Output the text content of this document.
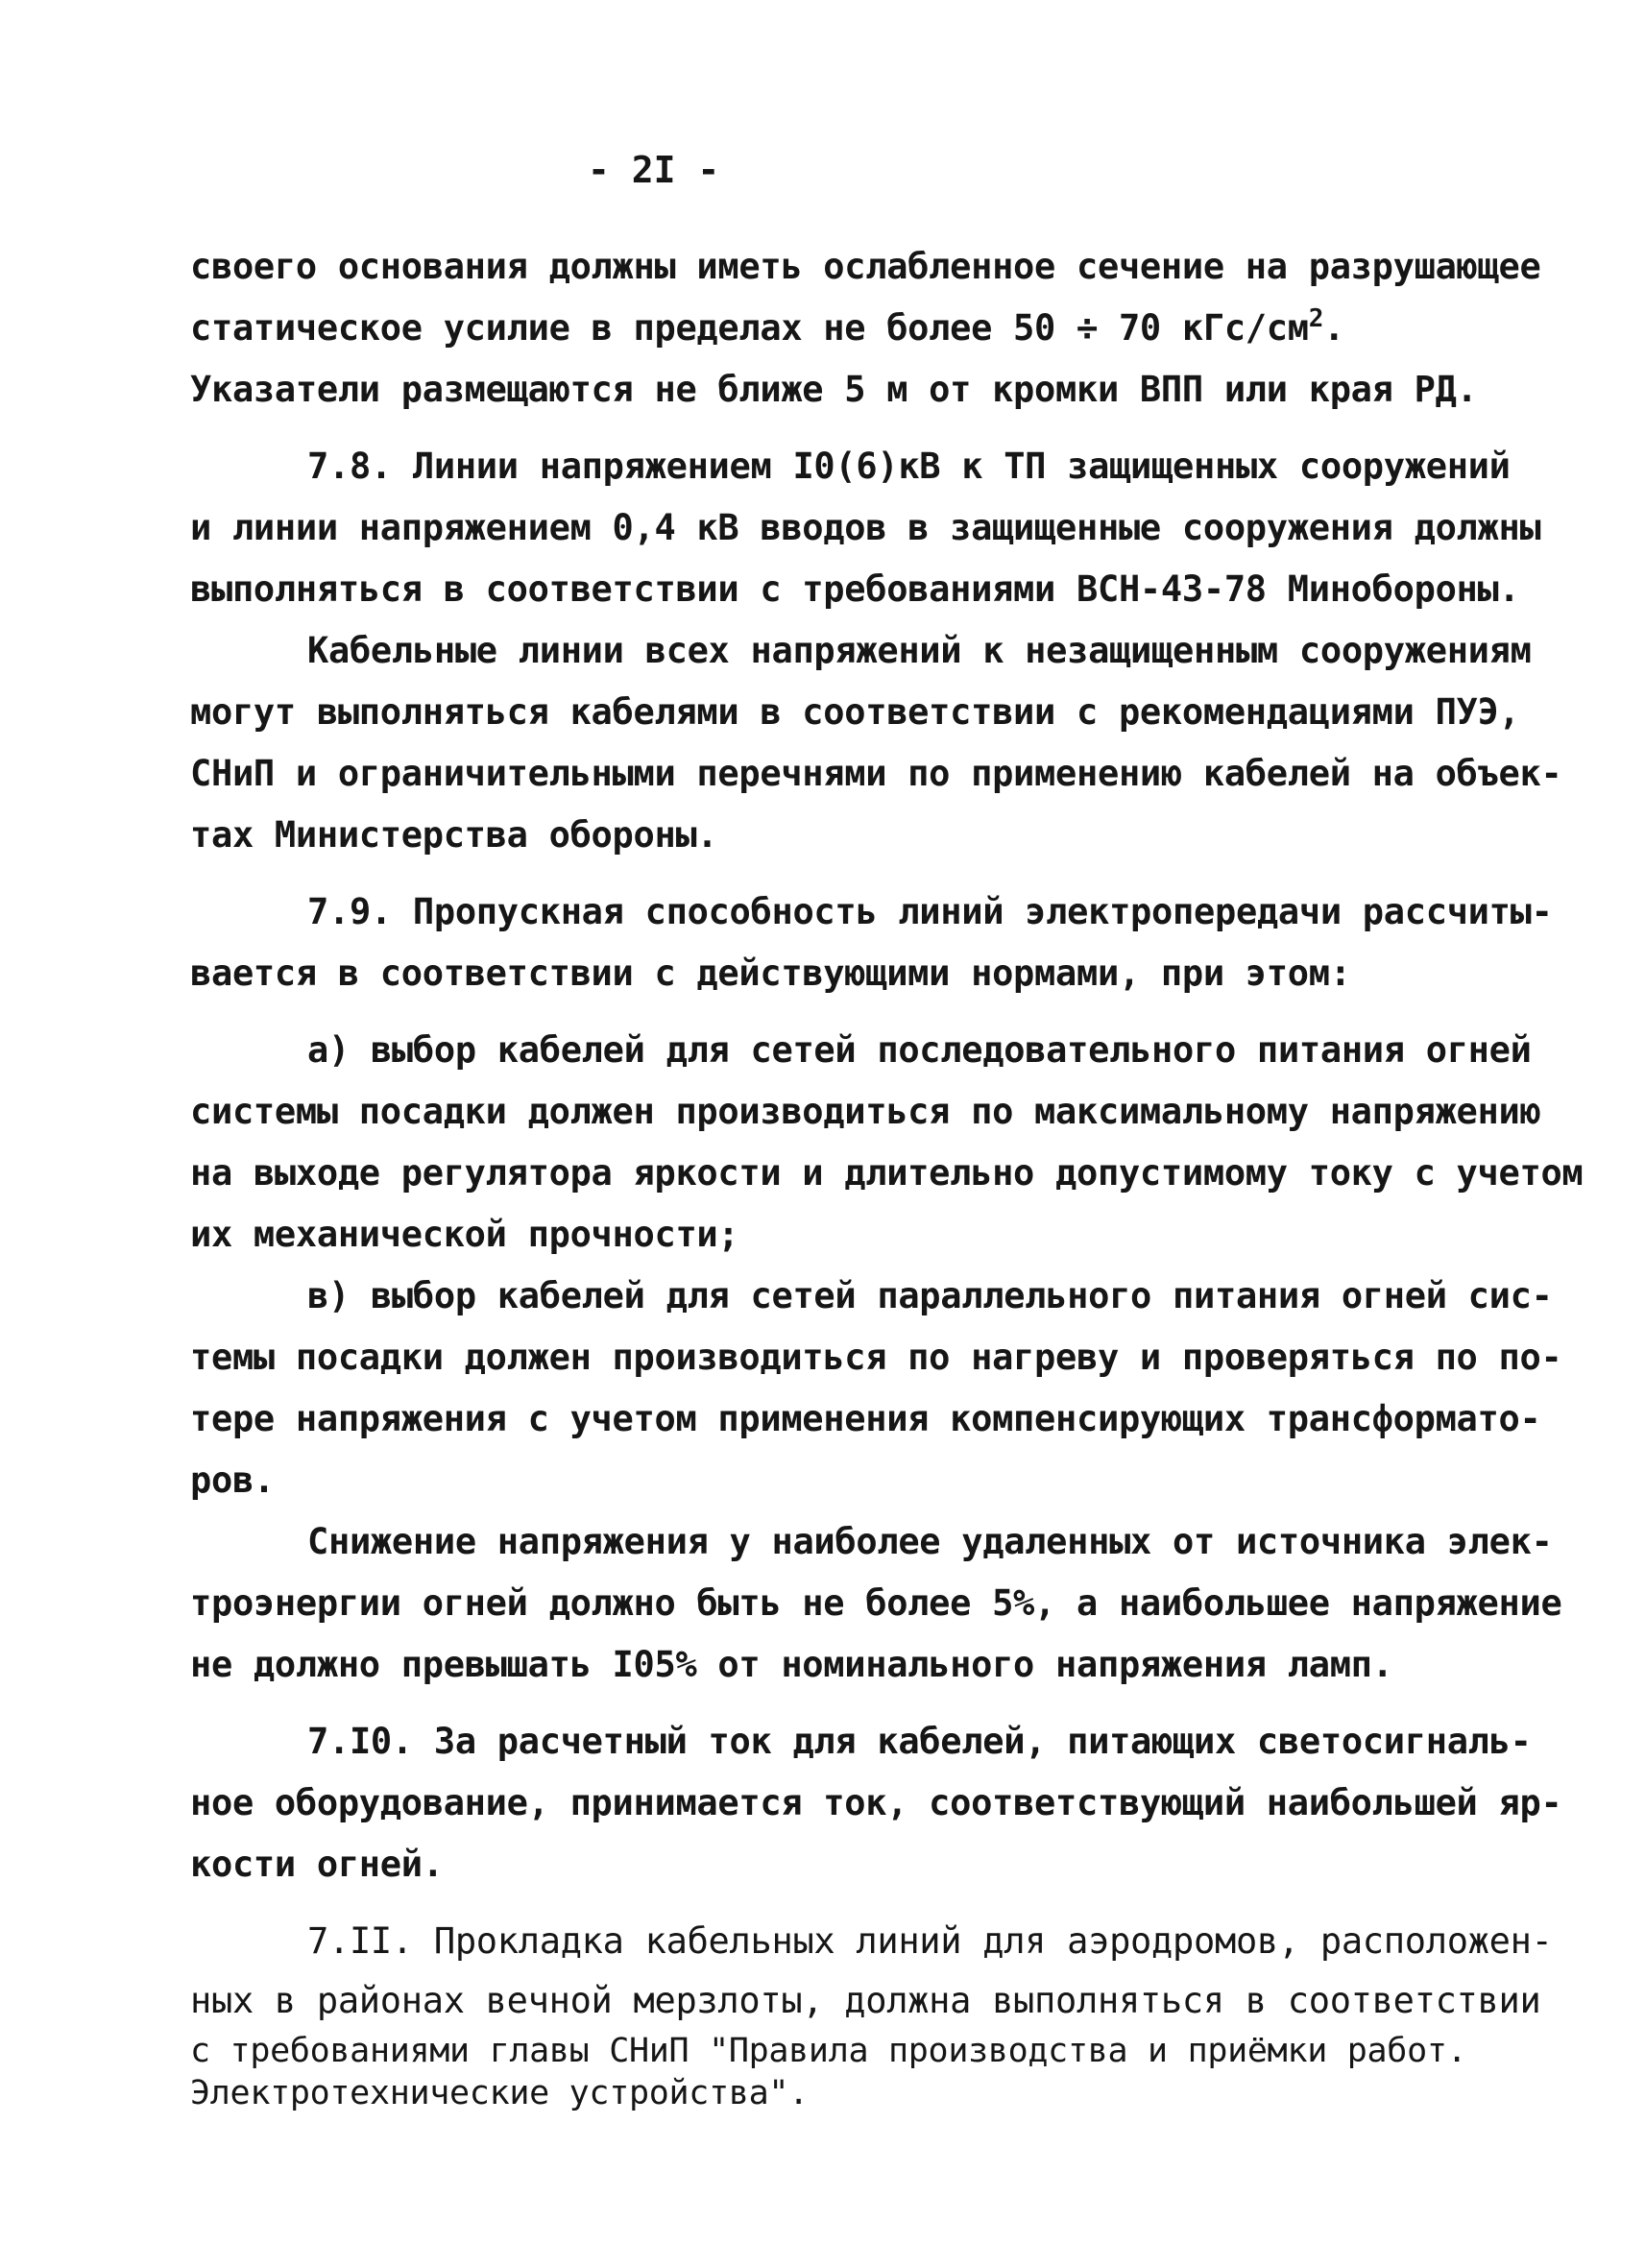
- 2I -
своего основания должны иметь ослабленное сечение на разрушающее
статическое усилие в пределах не более 50 ÷ 70 кГс/$см^2$.
Указатели размещаются не ближе 5 м от кромки ВПП или края РД.
7.8. Линии напряжением I0(6)кВ к ТП защищенных сооружений
и линии напряжением 0,4 кВ вводов в защищенные сооружения должны
выполняться в соответствии с требованиями ВСН-43-78 Минобороны.
Кабельные линии всех напряжений к незащищенным сооружениям
могут выполняться кабелями в соответствии с рекомендациями ПУЭ,
СНиП и ограничительными перечнями по применению кабелей на объек-
тах Министерства обороны.
7.9. Пропускная способность линий электропередачи рассчиты-
вается в соответствии с действующими нормами, при этом:
а) выбор кабелей для сетей последовательного питания огней
системы посадки должен производиться по максимальному напряжению
на выходе регулятора яркости и длительно допустимому току с учетом
их механической прочности;
в) выбор кабелей для сетей параллельного питания огней сис-
темы посадки должен производиться по нагреву и проверяться по по-
тере напряжения с учетом применения компенсирующих трансформато-
ров.
Снижение напряжения у наиболее удаленных от источника элек-
троэнергии огней должно быть не более 5%, а наибольшее напряжение
не должно превышать I05% от номинального напряжения ламп.
7.I0. За расчетный ток для кабелей, питающих светосигналь-
ное оборудование, принимается ток, соответствующий наибольшей яр-
кости огней.
7.II. Прокладка кабельных линий для аэродромов, расположен-
ных в районах вечной мерзлоты, должна выполняться в соответствии
с требованиями главы СНиП "Правила производства и приёмки работ.
Электротехнические устройства".
